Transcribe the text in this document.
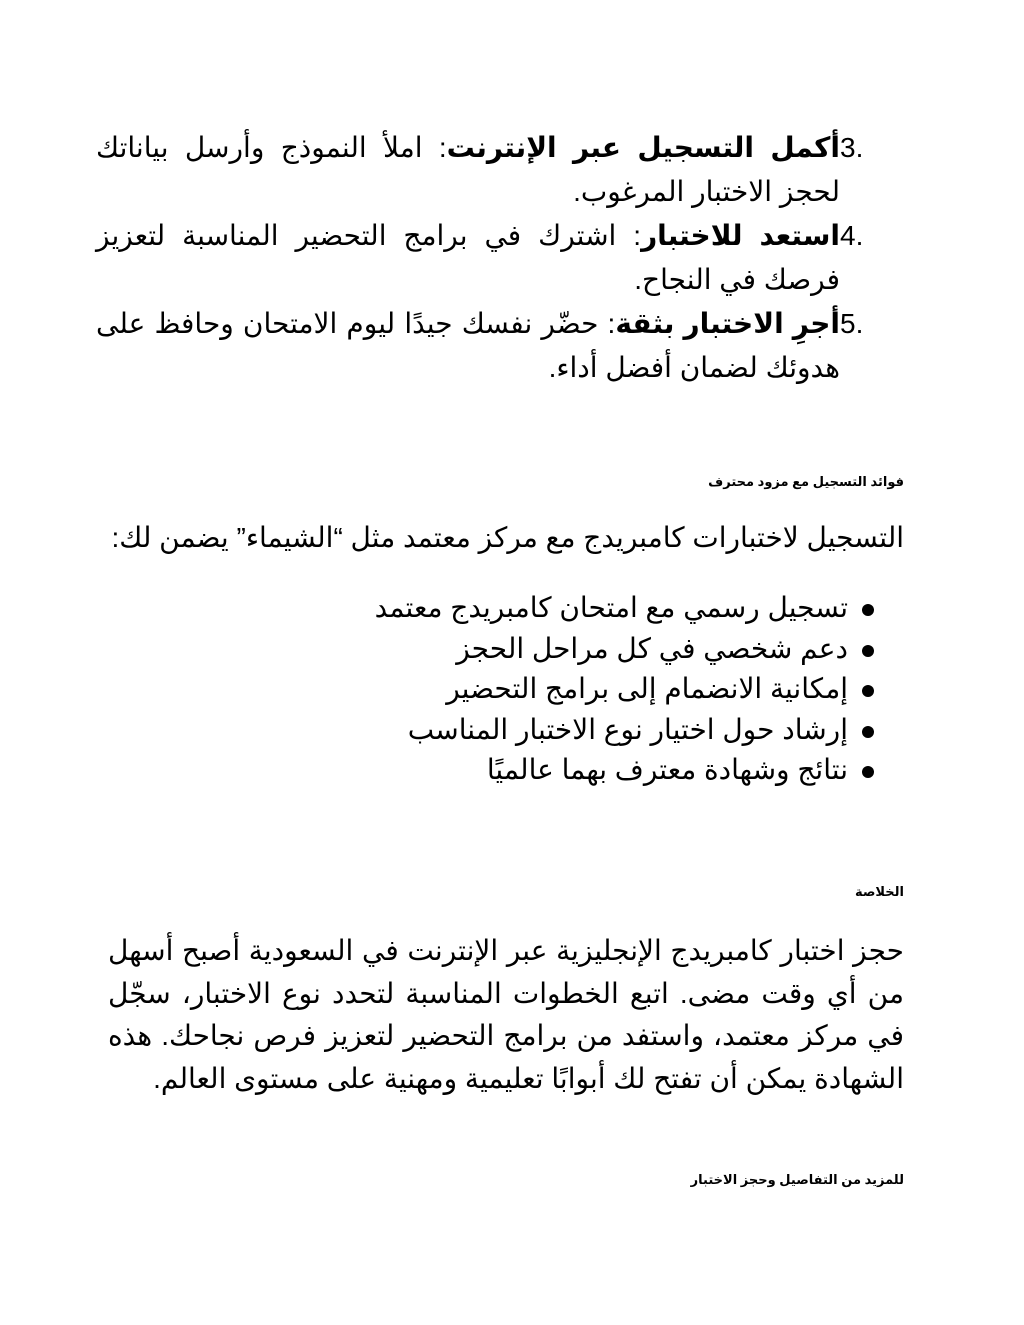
3.
أكمل التسجيل عبر الإنترنت: املأ النموذج وأرسل بياناتك لحجز الاختبار المرغوب.
4.
استعد للاختبار: اشترك في برامج التحضير المناسبة لتعزيز فرصك في النجاح.
5.
أجرِ الاختبار بثقة: حضّر نفسك جيدًا ليوم الامتحان وحافظ على هدوئك لضمان أفضل أداء.
فوائد التسجيل مع مزود محترف

التسجيل لاختبارات كامبريدج مع مركز معتمد مثل “الشيماء” يضمن لك:

تسجيل رسمي مع امتحان كامبريدج معتمد
دعم شخصي في كل مراحل الحجز
إمكانية الانضمام إلى برامج التحضير
إرشاد حول اختيار نوع الاختبار المناسب
نتائج وشهادة معترف بهما عالميًا
الخلاصة

حجز اختبار كامبريدج الإنجليزية عبر الإنترنت في السعودية أصبح أسهل من أي وقت مضى. اتبع الخطوات المناسبة لتحدد نوع الاختبار، سجّل في مركز معتمد، واستفد من برامج التحضير لتعزيز فرص نجاحك. هذه الشهادة يمكن أن تفتح لك أبوابًا تعليمية ومهنية على مستوى العالم.

للمزيد من التفاصيل وحجز الاختبار
